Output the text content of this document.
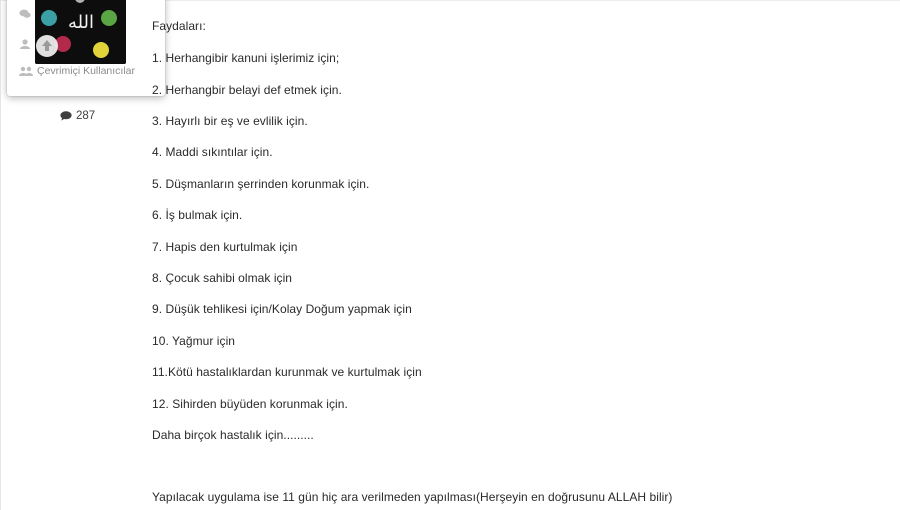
287
Çevrimiçi Kullanıcılar
الله	Faydaları:
1. Herhangibir kanuni işlerimiz için;
2. Herhangbir belayi def etmek için.
3. Hayırlı bir eş ve evlilik için.
4. Maddi sıkıntılar için.
5. Düşmanların şerrinden korunmak için.
6. İş bulmak için.
7. Hapis den kurtulmak için
8. Çocuk sahibi olmak için
9. Düşük tehlikesi için/Kolay Doğum yapmak için
10. Yağmur için
11.Kötü hastalıklardan kurunmak ve kurtulmak için
12. Sihirden büyüden korunmak için.
Daha birçok hastalık için.........
Yapılacak uygulama ise 11 gün hiç ara verilmeden yapılması(Herşeyin en doğrusunu ALLAH bilir)
